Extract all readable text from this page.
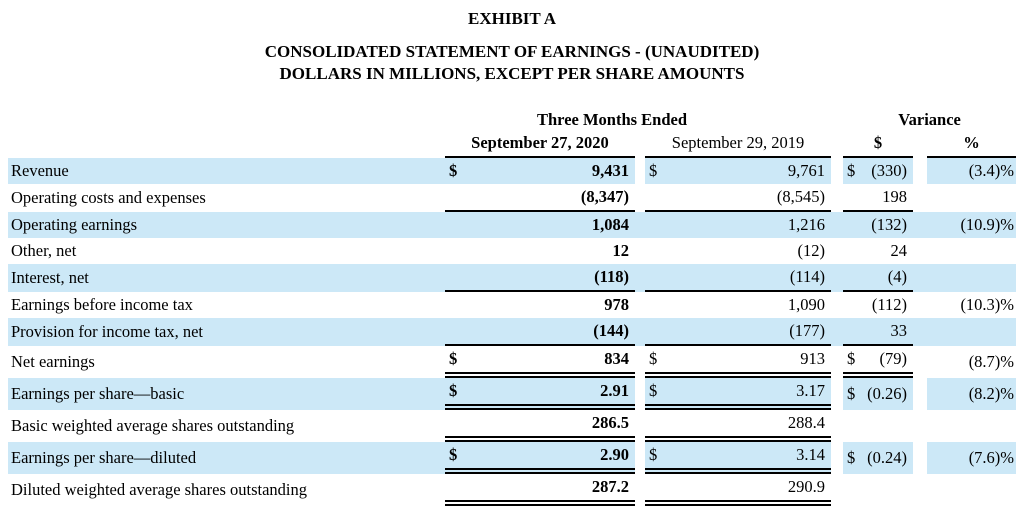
EXHIBIT A
CONSOLIDATED STATEMENT OF EARNINGS - (UNAUDITED)
DOLLARS IN MILLIONS, EXCEPT PER SHARE AMOUNTS
	Three Months Ended				Variance		
	September 27, 2020		September 29, 2019		$		%
Revenue	$ 9,431		$ 9,761		$ (330)		(3.4)%
Operating costs and expenses	(8,347)		(8,545)		198		

Operating earnings	1,084		1,216		(132)		(10.9)%
Other, net	12		(12)		24		

Interest, net	(118)		(114)		(4)		

Earnings before income tax	978		1,090		(112)		(10.3)%
Provision for income tax, net	(144)		(177)		33		

Net earnings	$ 834		$ 913		$ (79)		(8.7)%
Earnings per share—basic	$ 2.91		$ 3.17		$ (0.26)		(8.2)%
Basic weighted average shares outstanding	286.5		288.4				

Earnings per share—diluted	$ 2.90		$ 3.14		$ (0.24)		(7.6)%
Diluted weighted average shares outstanding	287.2		290.9				
